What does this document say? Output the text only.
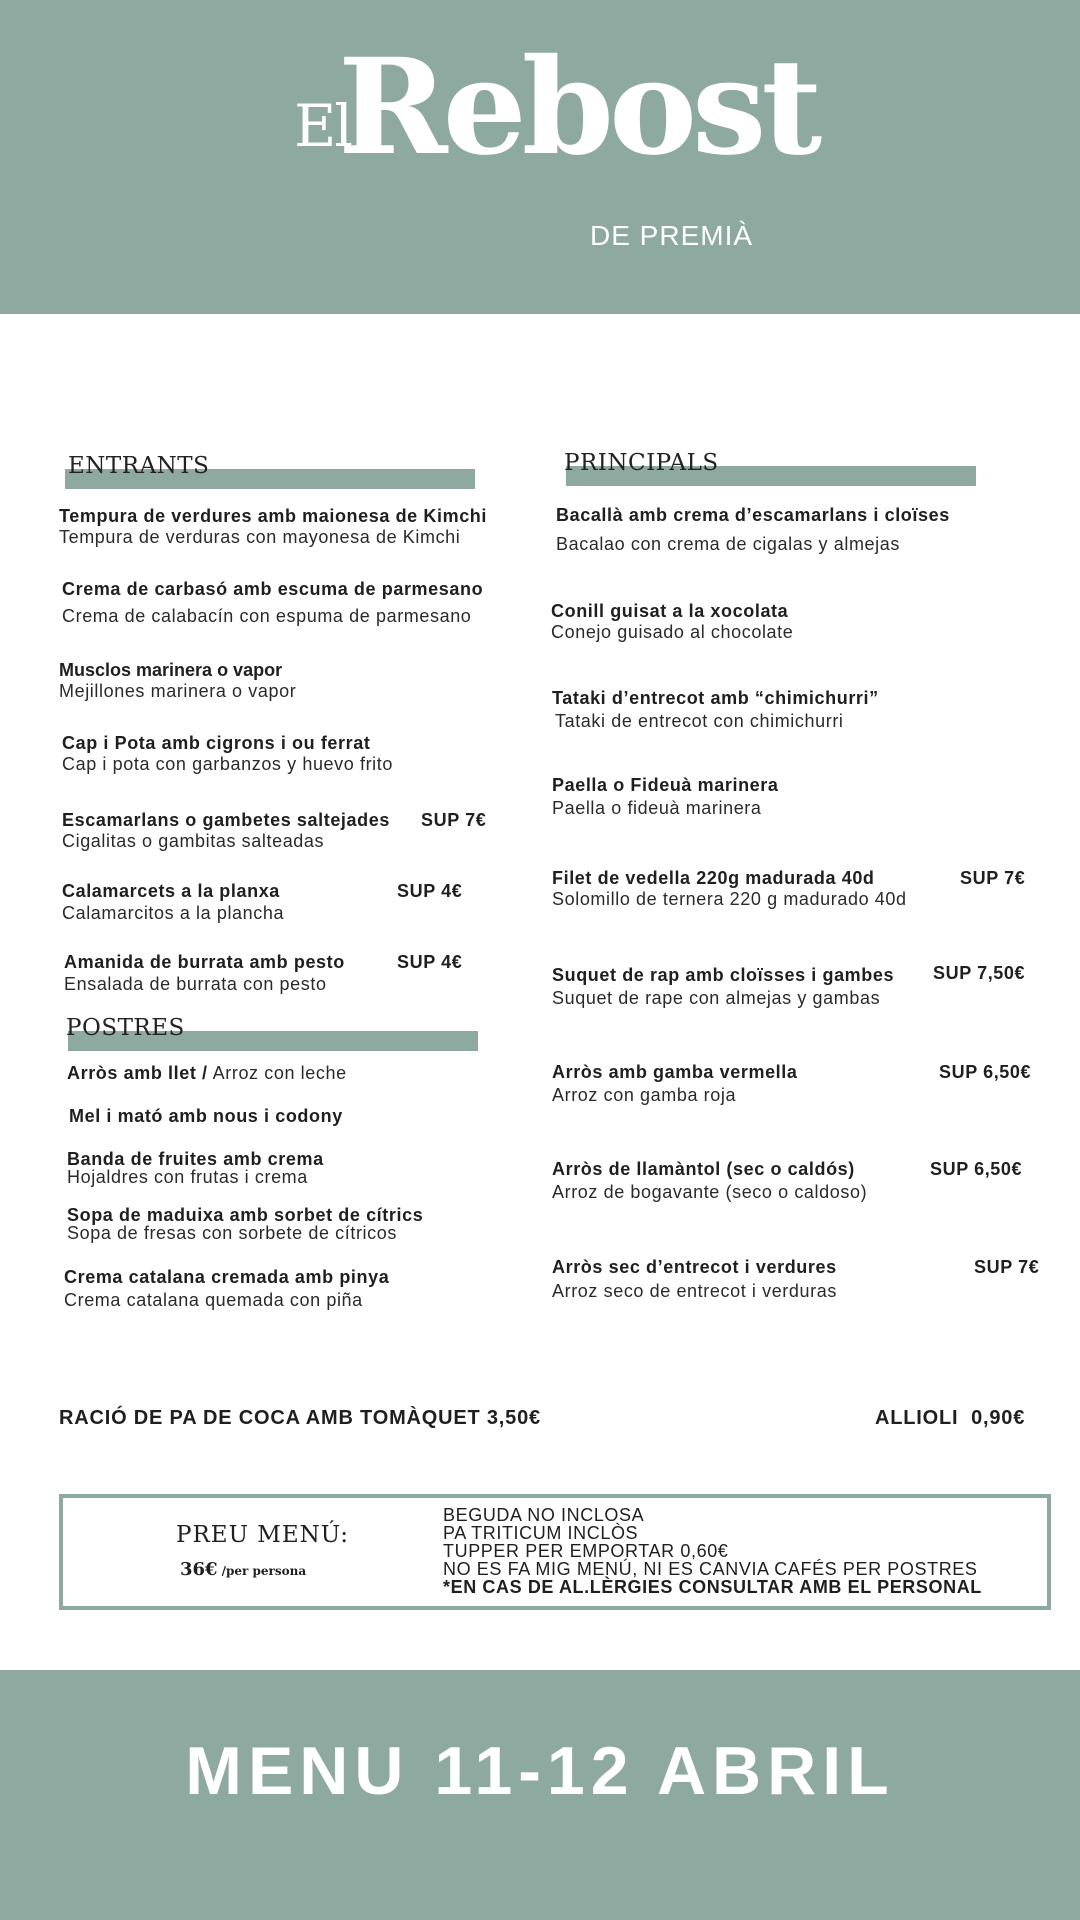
El
Rebost
DE PREMIÀ
ENTRANTS
Tempura de verdures amb maionesa de Kimchi
Tempura de verduras con mayonesa de Kimchi
Crema de carbasó amb escuma de parmesano
Crema de calabacín con espuma de parmesano
Musclos marinera o vapor
Mejillones marinera o vapor
Cap i Pota amb cigrons i ou ferrat
Cap i pota con garbanzos y huevo frito
Escamarlans o gambetes saltejades	SUP 7€
Cigalitas o gambitas salteadas
Calamarcets a la planxa	SUP 4€
Calamarcitos a la plancha
Amanida de burrata amb pesto	SUP 4€
Ensalada de burrata con pesto
POSTRES
Arròs amb llet / Arroz con leche
Mel i mató amb nous i codony
Banda de fruites amb crema
Hojaldres con frutas i crema
Sopa de maduixa amb sorbet de cítrics
Sopa de fresas con sorbete de cítricos
Crema catalana cremada amb pinya
Crema catalana quemada con piña
PRINCIPALS
Bacallà amb crema d’escamarlans i cloïses
Bacalao con crema de cigalas y almejas
Conill guisat a la xocolata
Conejo guisado al chocolate
Tataki d’entrecot amb “chimichurri”
Tataki de entrecot con chimichurri
Paella o Fideuà marinera
Paella o fideuà marinera
Filet de vedella 220g madurada 40d	SUP 7€
Solomillo de ternera 220 g madurado 40d
Suquet de rap amb cloïsses i gambes	SUP 7,50€
Suquet de rape con almejas y gambas
Arròs amb gamba vermella	SUP 6,50€
Arroz con gamba roja
Arròs de llamàntol (sec o caldós)	SUP 6,50€
Arroz de bogavante (seco o caldoso)
Arròs sec d’entrecot i verdures	SUP 7€
Arroz seco de entrecot i verduras
RACIÓ DE PA DE COCA AMB TOMÀQUET 3,50€	ALLIOLI  0,90€
PREU MENÚ:
36€ /per persona
BEGUDA NO INCLOSA
PA TRITICUM INCLÒS
TUPPER PER EMPORTAR 0,60€
NO ES FA MIG MENÚ, NI ES CANVIA CAFÉS PER POSTRES
*EN CAS DE AL.LÈRGIES CONSULTAR AMB EL PERSONAL
MENU 11-12 ABRIL
